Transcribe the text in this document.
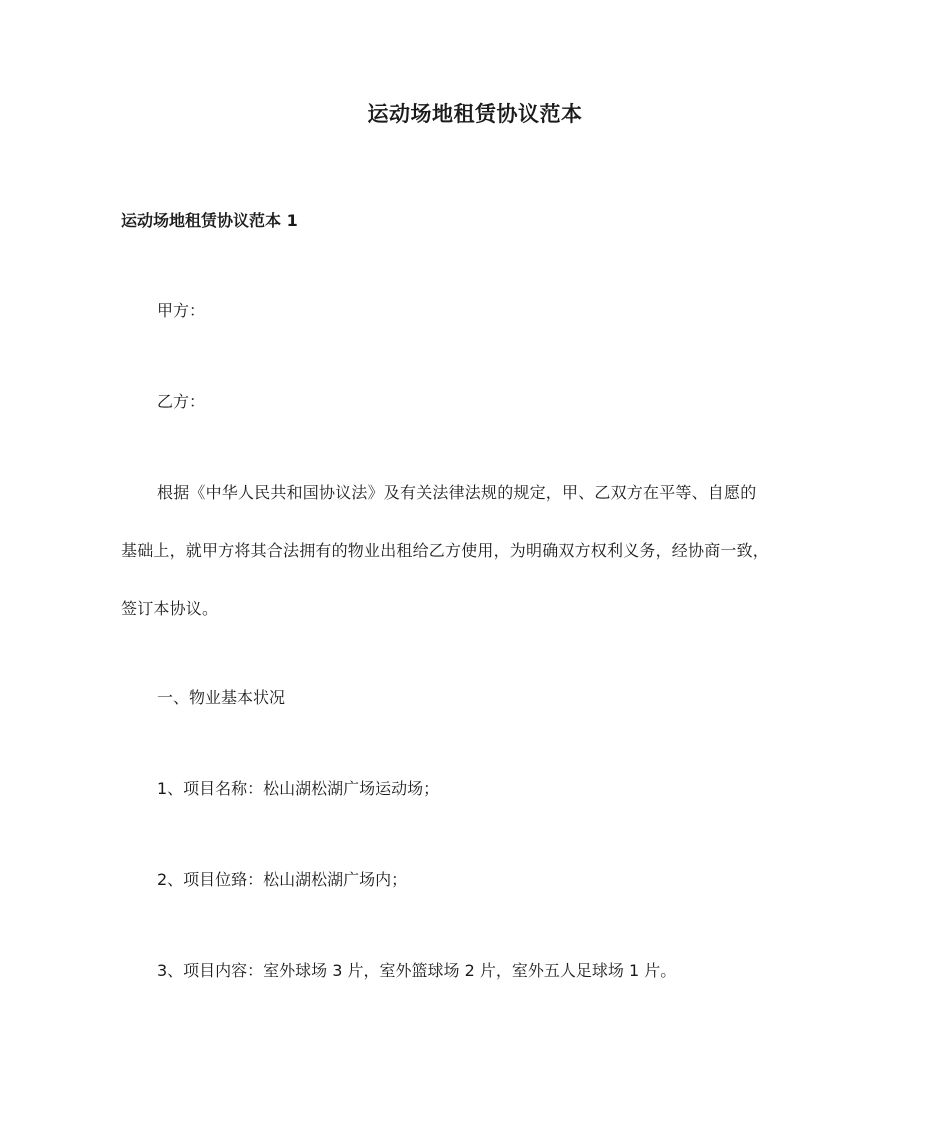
运动场地租赁协议范本
运动场地租赁协议范本 1
甲方：
乙方：
根据《中华人民共和国协议法》及有关法律法规的规定，甲、乙双方在平等、自愿的
基础上，就甲方将其合法拥有的物业出租给乙方使用，为明确双方权利义务，经协商一致，
签订本协议。
一、物业基本状况
1、项目名称：松山湖松湖广场运动场；
2、项目位臵：松山湖松湖广场内；
3、项目内容：室外球场 3 片，室外篮球场 2 片，室外五人足球场 1 片。
